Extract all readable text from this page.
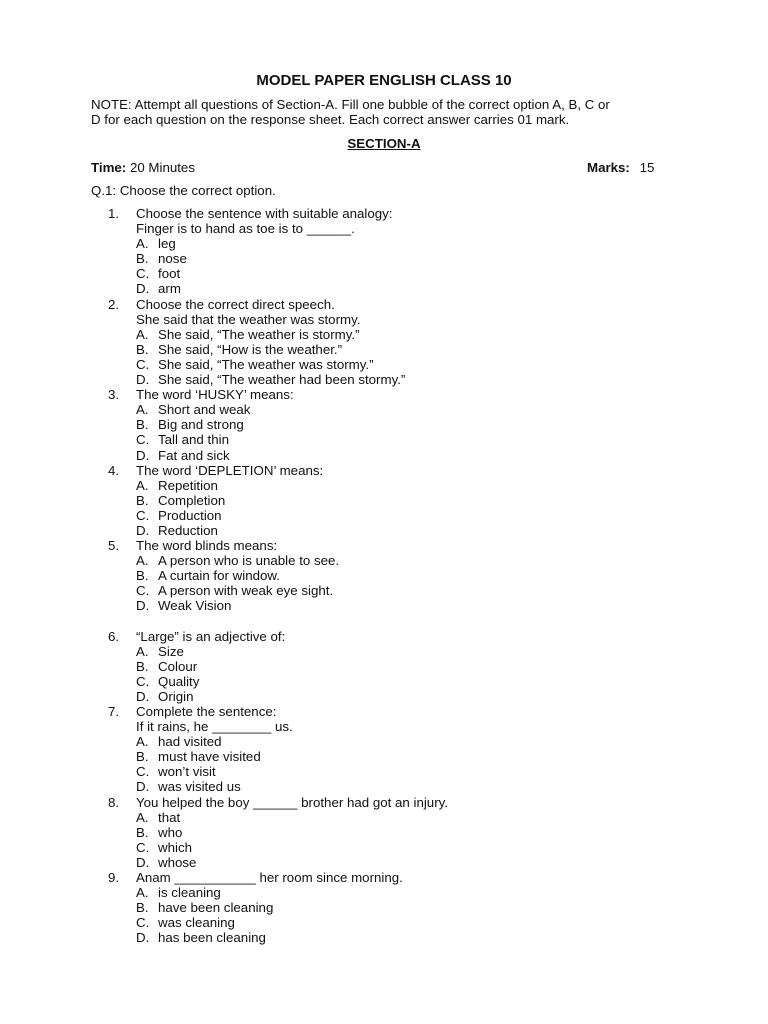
MODEL PAPER ENGLISH CLASS 10

NOTE: Attempt all questions of Section-A. Fill one bubble of the correct option A, B, C or

D for each question on the response sheet. Each correct answer carries 01 mark.

SECTION-A
Time: 20 Minutes	Marks: 15
Q.1: Choose the correct option.
1.	Choose the sentence with suitable analogy:
Finger is to hand as toe is to ______.
A. leg
B. nose
C. foot
D. arm
2.	Choose the correct direct speech.
She said that the weather was stormy.
A. She said, “The weather is stormy.”
B. She said, “How is the weather.”
C. She said, “The weather was stormy.”
D. She said, “The weather had been stormy.”
3.	The word ‘HUSKY’ means:
A. Short and weak
B. Big and strong
C. Tall and thin
D. Fat and sick
4.	The word ‘DEPLETION’ means:
A. Repetition
B. Completion
C. Production
D. Reduction
5.	The word blinds means:
A. A person who is unable to see.
B. A curtain for window.
C. A person with weak eye sight.
D. Weak Vision
6.	“Large” is an adjective of:
A. Size
B. Colour
C. Quality
D. Origin
7.	Complete the sentence:
If it rains, he ________ us.
A. had visited
B. must have visited
C. won’t visit
D. was visited us
8.	You helped the boy ______ brother had got an injury.
A. that
B. who
C. which
D. whose
9.	Anam ___________ her room since morning.
A. is cleaning
B. have been cleaning
C. was cleaning
D. has been cleaning
